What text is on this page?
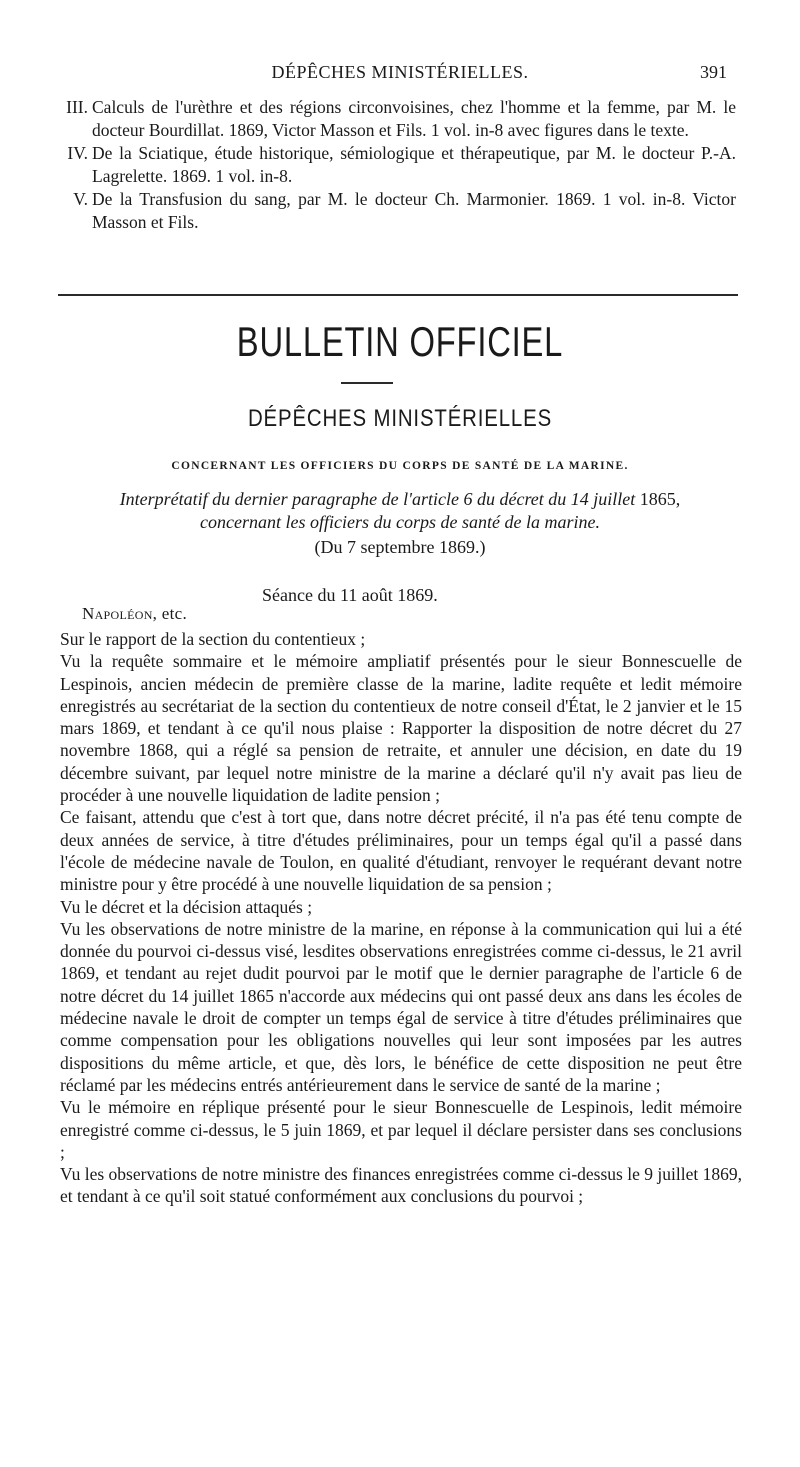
DÉPÊCHES MINISTÉRIELLES.	391
III. Calculs de l'urèthre et des régions circonvoisines, chez l'homme et la femme, par M. le docteur Bourdillat. 1869, Victor Masson et Fils. 1 vol. in-8 avec figures dans le texte.
IV. De la Sciatique, étude historique, sémiologique et thérapeutique, par M. le docteur P.-A. Lagrelette. 1869. 1 vol. in-8.
V. De la Transfusion du sang, par M. le docteur Ch. Marmonier. 1869. 1 vol. in-8. Victor Masson et Fils.
BULLETIN OFFICIEL
DÉPÊCHES MINISTÉRIELLES
CONCERNANT LES OFFICIERS DU CORPS DE SANTÉ DE LA MARINE.
Interprétatif du dernier paragraphe de l'article 6 du décret du 14 juillet 1865, concernant les officiers du corps de santé de la marine.
(Du 7 septembre 1869.)
Séance du 11 août 1869.
Napoléon, etc.

Sur le rapport de la section du contentieux ;

Vu la requête sommaire et le mémoire ampliatif présentés pour le sieur Bonnescuelle de Lespinois, ancien médecin de première classe de la marine, ladite requête et ledit mémoire enregistrés au secrétariat de la section du contentieux de notre conseil d'État, le 2 janvier et le 15 mars 1869, et tendant à ce qu'il nous plaise : Rapporter la disposition de notre décret du 27 novembre 1868, qui a réglé sa pension de retraite, et annuler une décision, en date du 19 décembre suivant, par lequel notre ministre de la marine a déclaré qu'il n'y avait pas lieu de procéder à une nouvelle liquidation de ladite pension ;

Ce faisant, attendu que c'est à tort que, dans notre décret précité, il n'a pas été tenu compte de deux années de service, à titre d'études préliminaires, pour un temps égal qu'il a passé dans l'école de médecine navale de Toulon, en qualité d'étudiant, renvoyer le requérant devant notre ministre pour y être procédé à une nouvelle liquidation de sa pension ;

Vu le décret et la décision attaqués ;

Vu les observations de notre ministre de la marine, en réponse à la communication qui lui a été donnée du pourvoi ci-dessus visé, lesdites observations enregistrées comme ci-dessus, le 21 avril 1869, et tendant au rejet dudit pourvoi par le motif que le dernier paragraphe de l'article 6 de notre décret du 14 juillet 1865 n'accorde aux médecins qui ont passé deux ans dans les écoles de médecine navale le droit de compter un temps égal de service à titre d'études préliminaires que comme compensation pour les obligations nouvelles qui leur sont imposées par les autres dispositions du même article, et que, dès lors, le bénéfice de cette disposition ne peut être réclamé par les médecins entrés antérieurement dans le service de santé de la marine ;

Vu le mémoire en réplique présenté pour le sieur Bonnescuelle de Lespinois, ledit mémoire enregistré comme ci-dessus, le 5 juin 1869, et par lequel il déclare persister dans ses conclusions ;

Vu les observations de notre ministre des finances enregistrées comme ci-dessus le 9 juillet 1869, et tendant à ce qu'il soit statué conformément aux conclusions du pourvoi ;
